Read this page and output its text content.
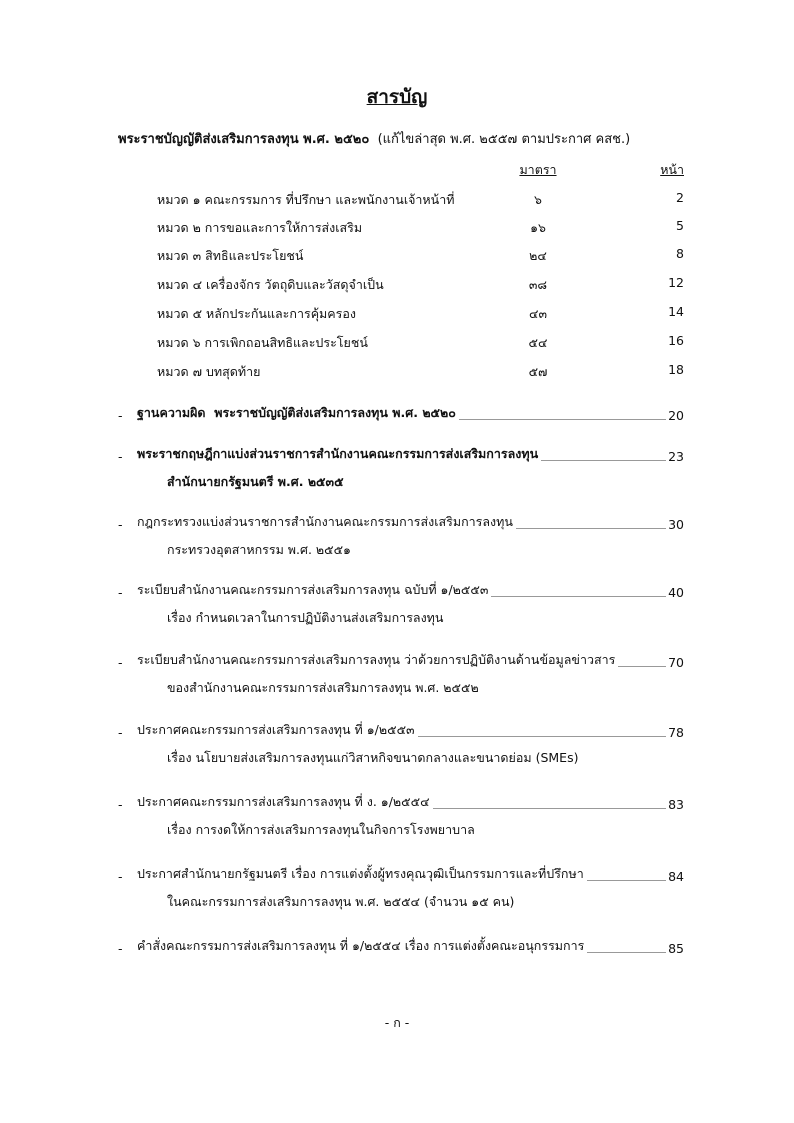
สารบัญ
พระราชบัญญัติส่งเสริมการลงทุน พ.ศ. ๒๕๒๐ (แก้ไขล่าสุด พ.ศ. ๒๕๕๗ ตามประกาศ คสช.)
มาตรา	หน้า
หมวด ๑ คณะกรรมการ ที่ปรึกษา และพนักงานเจ้าหน้าที่	๖	2
หมวด ๒ การขอและการให้การส่งเสริม	๑๖	5
หมวด ๓ สิทธิและประโยชน์	๒๔	8
หมวด ๔ เครื่องจักร วัตถุดิบและวัสดุจำเป็น	๓๘	12
หมวด ๕ หลักประกันและการคุ้มครอง	๔๓	14
หมวด ๖ การเพิกถอนสิทธิและประโยชน์	๕๔	16
หมวด ๗ บทสุดท้าย	๕๗	18
-	ฐานความผิด พระราชบัญญัติส่งเสริมการลงทุน พ.ศ. ๒๕๒๐	20
-	พระราชกฤษฎีกาแบ่งส่วนราชการสำนักงานคณะกรรมการส่งเสริมการลงทุน	23
สำนักนายกรัฐมนตรี พ.ศ. ๒๕๓๕
-	กฎกระทรวงแบ่งส่วนราชการสำนักงานคณะกรรมการส่งเสริมการลงทุน	30
กระทรวงอุตสาหกรรม พ.ศ. ๒๕๕๑
-	ระเบียบสำนักงานคณะกรรมการส่งเสริมการลงทุน ฉบับที่ ๑/๒๕๕๓	40
เรื่อง กำหนดเวลาในการปฏิบัติงานส่งเสริมการลงทุน
-	ระเบียบสำนักงานคณะกรรมการส่งเสริมการลงทุน ว่าด้วยการปฏิบัติงานด้านข้อมูลข่าวสาร	70
ของสำนักงานคณะกรรมการส่งเสริมการลงทุน พ.ศ. ๒๕๕๒
-	ประกาศคณะกรรมการส่งเสริมการลงทุน ที่ ๑/๒๕๕๓	78
เรื่อง นโยบายส่งเสริมการลงทุนแก่วิสาหกิจขนาดกลางและขนาดย่อม (SMEs)
-	ประกาศคณะกรรมการส่งเสริมการลงทุน ที่ ง. ๑/๒๕๕๔	83
เรื่อง การงดให้การส่งเสริมการลงทุนในกิจการโรงพยาบาล
-	ประกาศสำนักนายกรัฐมนตรี เรื่อง การแต่งตั้งผู้ทรงคุณวุฒิเป็นกรรมการและที่ปรึกษา	84
ในคณะกรรมการส่งเสริมการลงทุน พ.ศ. ๒๕๕๔ (จำนวน ๑๕ คน)
-	คำสั่งคณะกรรมการส่งเสริมการลงทุน ที่ ๑/๒๕๕๔ เรื่อง การแต่งตั้งคณะอนุกรรมการ	85
- ก -
